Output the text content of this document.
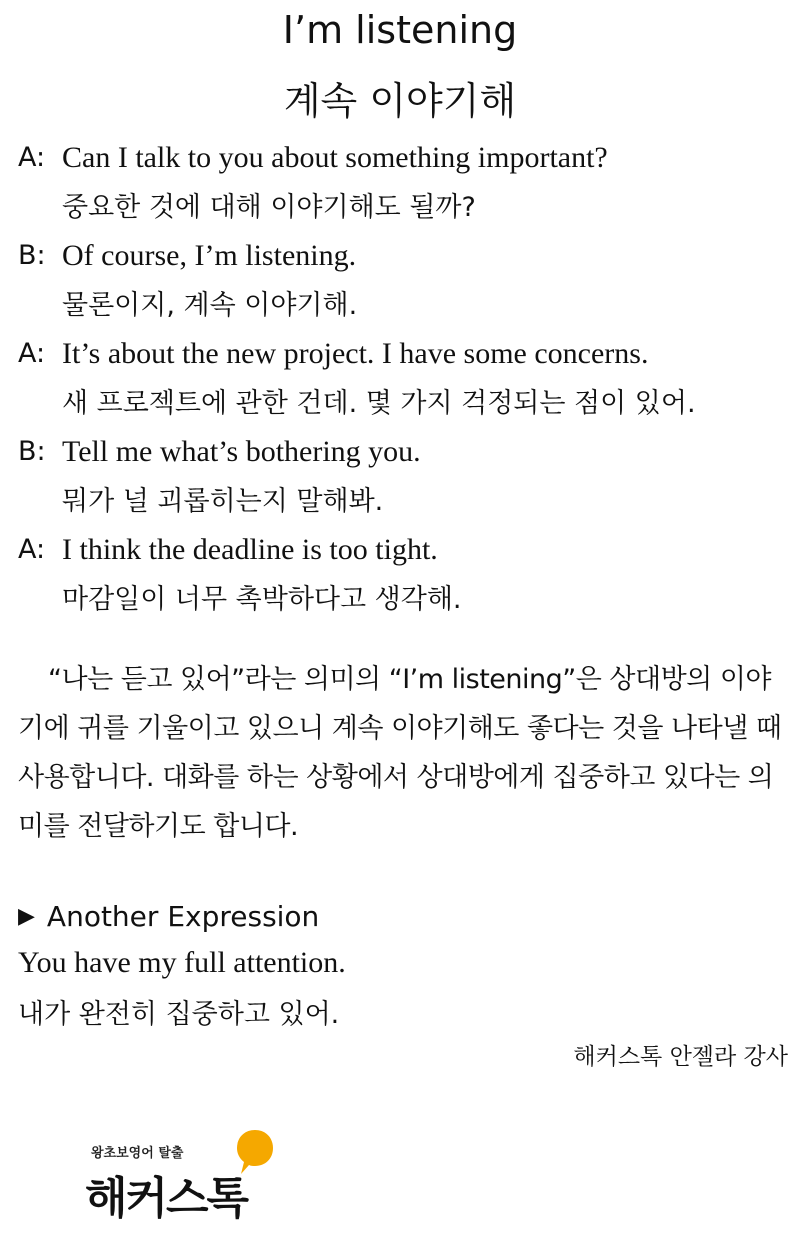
I’m listening
계속 이야기해
A: Can I talk to you about something important?
중요한 것에 대해 이야기해도 될까?
B: Of course, I’m listening.
물론이지, 계속 이야기해.
A: It’s about the new project. I have some concerns.
새 프로젝트에 관한 건데. 몇 가지 걱정되는 점이 있어.
B: Tell me what’s bothering you.
뭐가 널 괴롭히는지 말해봐.
A: I think the deadline is too tight.
마감일이 너무 촉박하다고 생각해.

“나는 듣고 있어”라는 의미의 “I’m listening”은 상대방의 이야기에 귀를 기울이고 있으니 계속 이야기해도 좋다는 것을 나타낼 때 사용합니다. 대화를 하는 상황에서 상대방에게 집중하고 있다는 의미를 전달하기도 합니다.

▶ Another Expression
You have my full attention.
내가 완전히 집중하고 있어.
해커스톡 안젤라 강사
왕초보영어 탈출
해커스톡
